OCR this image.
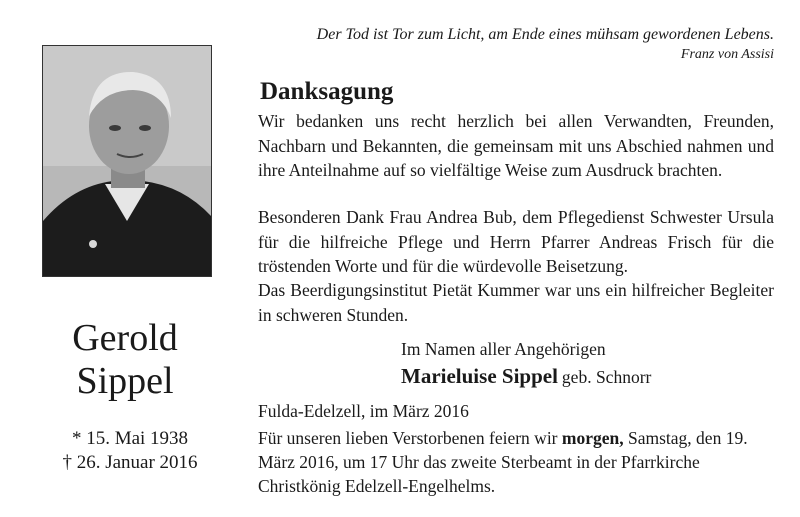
Gerold
Sippel
* 15. Mai 1938
† 26. Januar 2016
Der Tod ist Tor zum Licht, am Ende eines mühsam gewordenen Lebens.
Franz von Assisi
Danksagung
Wir bedanken uns recht herzlich bei allen Verwandten, Freunden, Nachbarn und Bekannten, die gemeinsam mit uns Abschied nahmen und ihre Anteilnahme auf so vielfältige Weise zum Ausdruck brachten.
Besonderen Dank Frau Andrea Bub, dem Pflegedienst Schwester Ursula für die hilfreiche Pflege und Herrn Pfarrer Andreas Frisch für die tröstenden Worte und für die würdevolle Beisetzung.
Das Beerdigungsinstitut Pietät Kummer war uns ein hilfreicher Begleiter in schweren Stunden.
Im Namen aller Angehörigen
Marieluise Sippel geb. Schnorr
Fulda-Edelzell, im März 2016
Für unseren lieben Verstorbenen feiern wir morgen, Samstag, den 19. März 2016, um 17 Uhr das zweite Sterbeamt in der Pfarrkirche Christkönig Edelzell-Engelhelms.
